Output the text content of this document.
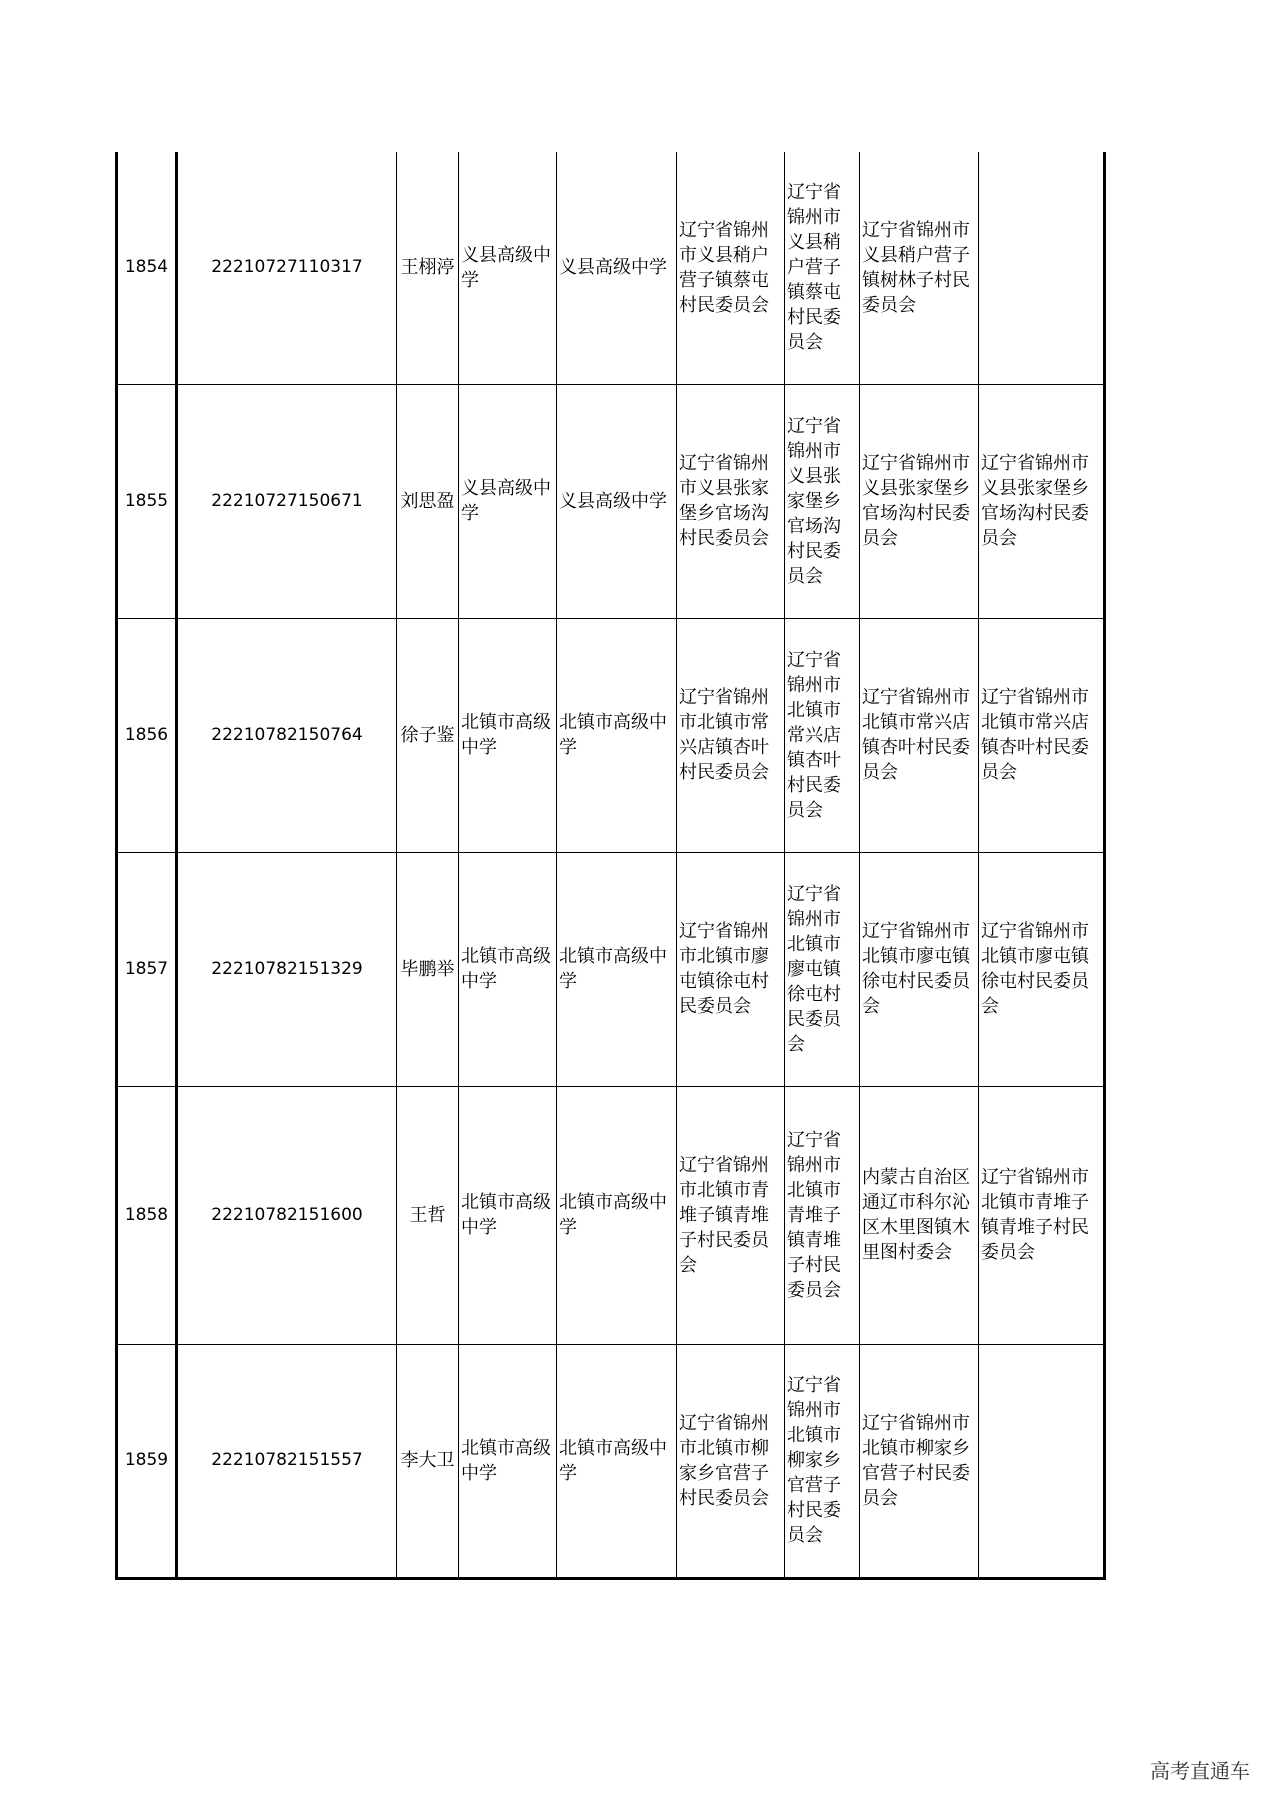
1854	22210727110317	王栩渟	义县高级中学	义县高级中学	辽宁省锦州市义县稍户营子镇蔡屯村民委员会	辽宁省锦州市义县稍户营子镇蔡屯村民委员会	辽宁省锦州市义县稍户营子镇树林子村民委员会	
1855	22210727150671	刘思盈	义县高级中学	义县高级中学	辽宁省锦州市义县张家堡乡官场沟村民委员会	辽宁省锦州市义县张家堡乡官场沟村民委员会	辽宁省锦州市义县张家堡乡官场沟村民委员会	辽宁省锦州市义县张家堡乡官场沟村民委员会
1856	22210782150764	徐子鉴	北镇市高级中学	北镇市高级中学	辽宁省锦州市北镇市常兴店镇杏叶村民委员会	辽宁省锦州市北镇市常兴店镇杏叶村民委员会	辽宁省锦州市北镇市常兴店镇杏叶村民委员会	辽宁省锦州市北镇市常兴店镇杏叶村民委员会
1857	22210782151329	毕鹏举	北镇市高级中学	北镇市高级中学	辽宁省锦州市北镇市廖屯镇徐屯村民委员会	辽宁省锦州市北镇市廖屯镇徐屯村民委员会	辽宁省锦州市北镇市廖屯镇徐屯村民委员会	辽宁省锦州市北镇市廖屯镇徐屯村民委员会
1858	22210782151600	王哲	北镇市高级中学	北镇市高级中学	辽宁省锦州市北镇市青堆子镇青堆子村民委员会	辽宁省锦州市北镇市青堆子镇青堆子村民委员会	内蒙古自治区通辽市科尔沁区木里图镇木里图村委会	辽宁省锦州市北镇市青堆子镇青堆子村民委员会
1859	22210782151557	李大卫	北镇市高级中学	北镇市高级中学	辽宁省锦州市北镇市柳家乡官营子村民委员会	辽宁省锦州市北镇市柳家乡官营子村民委员会	辽宁省锦州市北镇市柳家乡官营子村民委员会	
高考直通车
